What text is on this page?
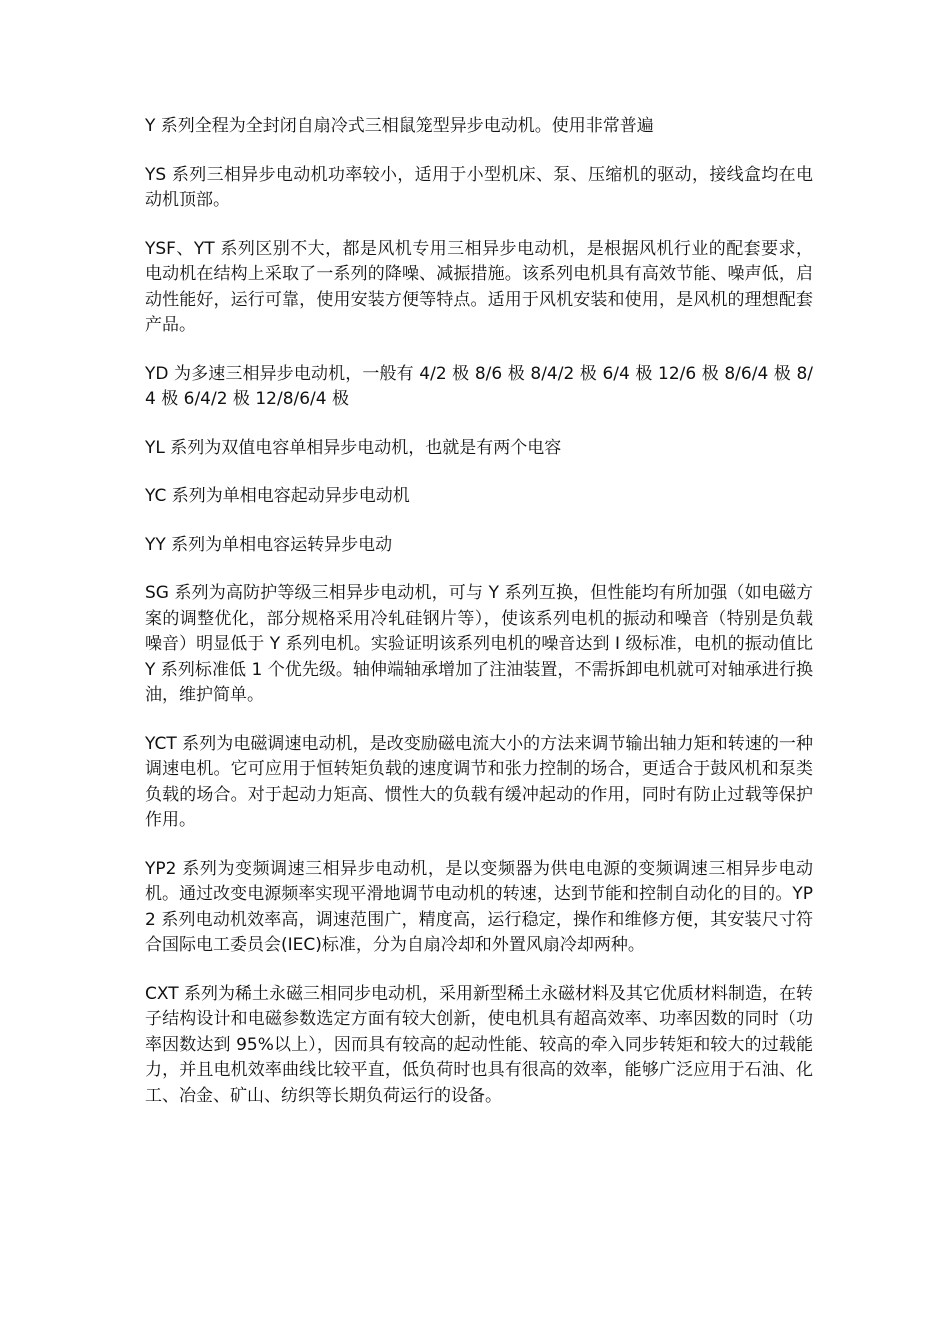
Y 系列全程为全封闭自扇冷式三相鼠笼型异步电动机。使用非常普遍

YS 系列三相异步电动机功率较小，适用于小型机床、泵、压缩机的驱动，接线盒均在电动机顶部。

YSF、YT 系列区别不大，都是风机专用三相异步电动机，是根据风机行业的配套要求，电动机在结构上采取了一系列的降噪、减振措施。该系列电机具有高效节能、噪声低，启动性能好，运行可靠，使用安装方便等特点。适用于风机安装和使用，是风机的理想配套产品。

YD 为多速三相异步电动机，一般有 4/2 极 8/6 极 8/4/2 极 6/4 极 12/6 极 8/6/4 极 8/4 极 6/4/2 极 12/8/6/4 极

YL 系列为双值电容单相异步电动机，也就是有两个电容

YC 系列为单相电容起动异步电动机

YY 系列为单相电容运转异步电动

SG 系列为高防护等级三相异步电动机，可与 Y 系列互换，但性能均有所加强（如电磁方案的调整优化，部分规格采用冷轧硅钢片等），使该系列电机的振动和噪音（特别是负载噪音）明显低于 Y 系列电机。实验证明该系列电机的噪音达到 I 级标准，电机的振动值比 Y 系列标准低 1 个优先级。轴伸端轴承增加了注油装置，不需拆卸电机就可对轴承进行换油，维护简单。

YCT 系列为电磁调速电动机，是改变励磁电流大小的方法来调节输出轴力矩和转速的一种调速电机。它可应用于恒转矩负载的速度调节和张力控制的场合，更适合于鼓风机和泵类负载的场合。对于起动力矩高、惯性大的负载有缓冲起动的作用，同时有防止过载等保护作用。

YP2 系列为变频调速三相异步电动机，是以变频器为供电电源的变频调速三相异步电动机。通过改变电源频率实现平滑地调节电动机的转速，达到节能和控制自动化的目的。YP2 系列电动机效率高，调速范围广，精度高，运行稳定，操作和维修方便，其安装尺寸符合国际电工委员会(IEC)标准，分为自扇冷却和外置风扇冷却两种。

CXT 系列为稀土永磁三相同步电动机，采用新型稀土永磁材料及其它优质材料制造，在转子结构设计和电磁参数选定方面有较大创新，使电机具有超高效率、功率因数的同时（功率因数达到 95%以上），因而具有较高的起动性能、较高的牵入同步转矩和较大的过载能力，并且电机效率曲线比较平直，低负荷时也具有很高的效率，能够广泛应用于石油、化工、冶金、矿山、纺织等长期负荷运行的设备。
